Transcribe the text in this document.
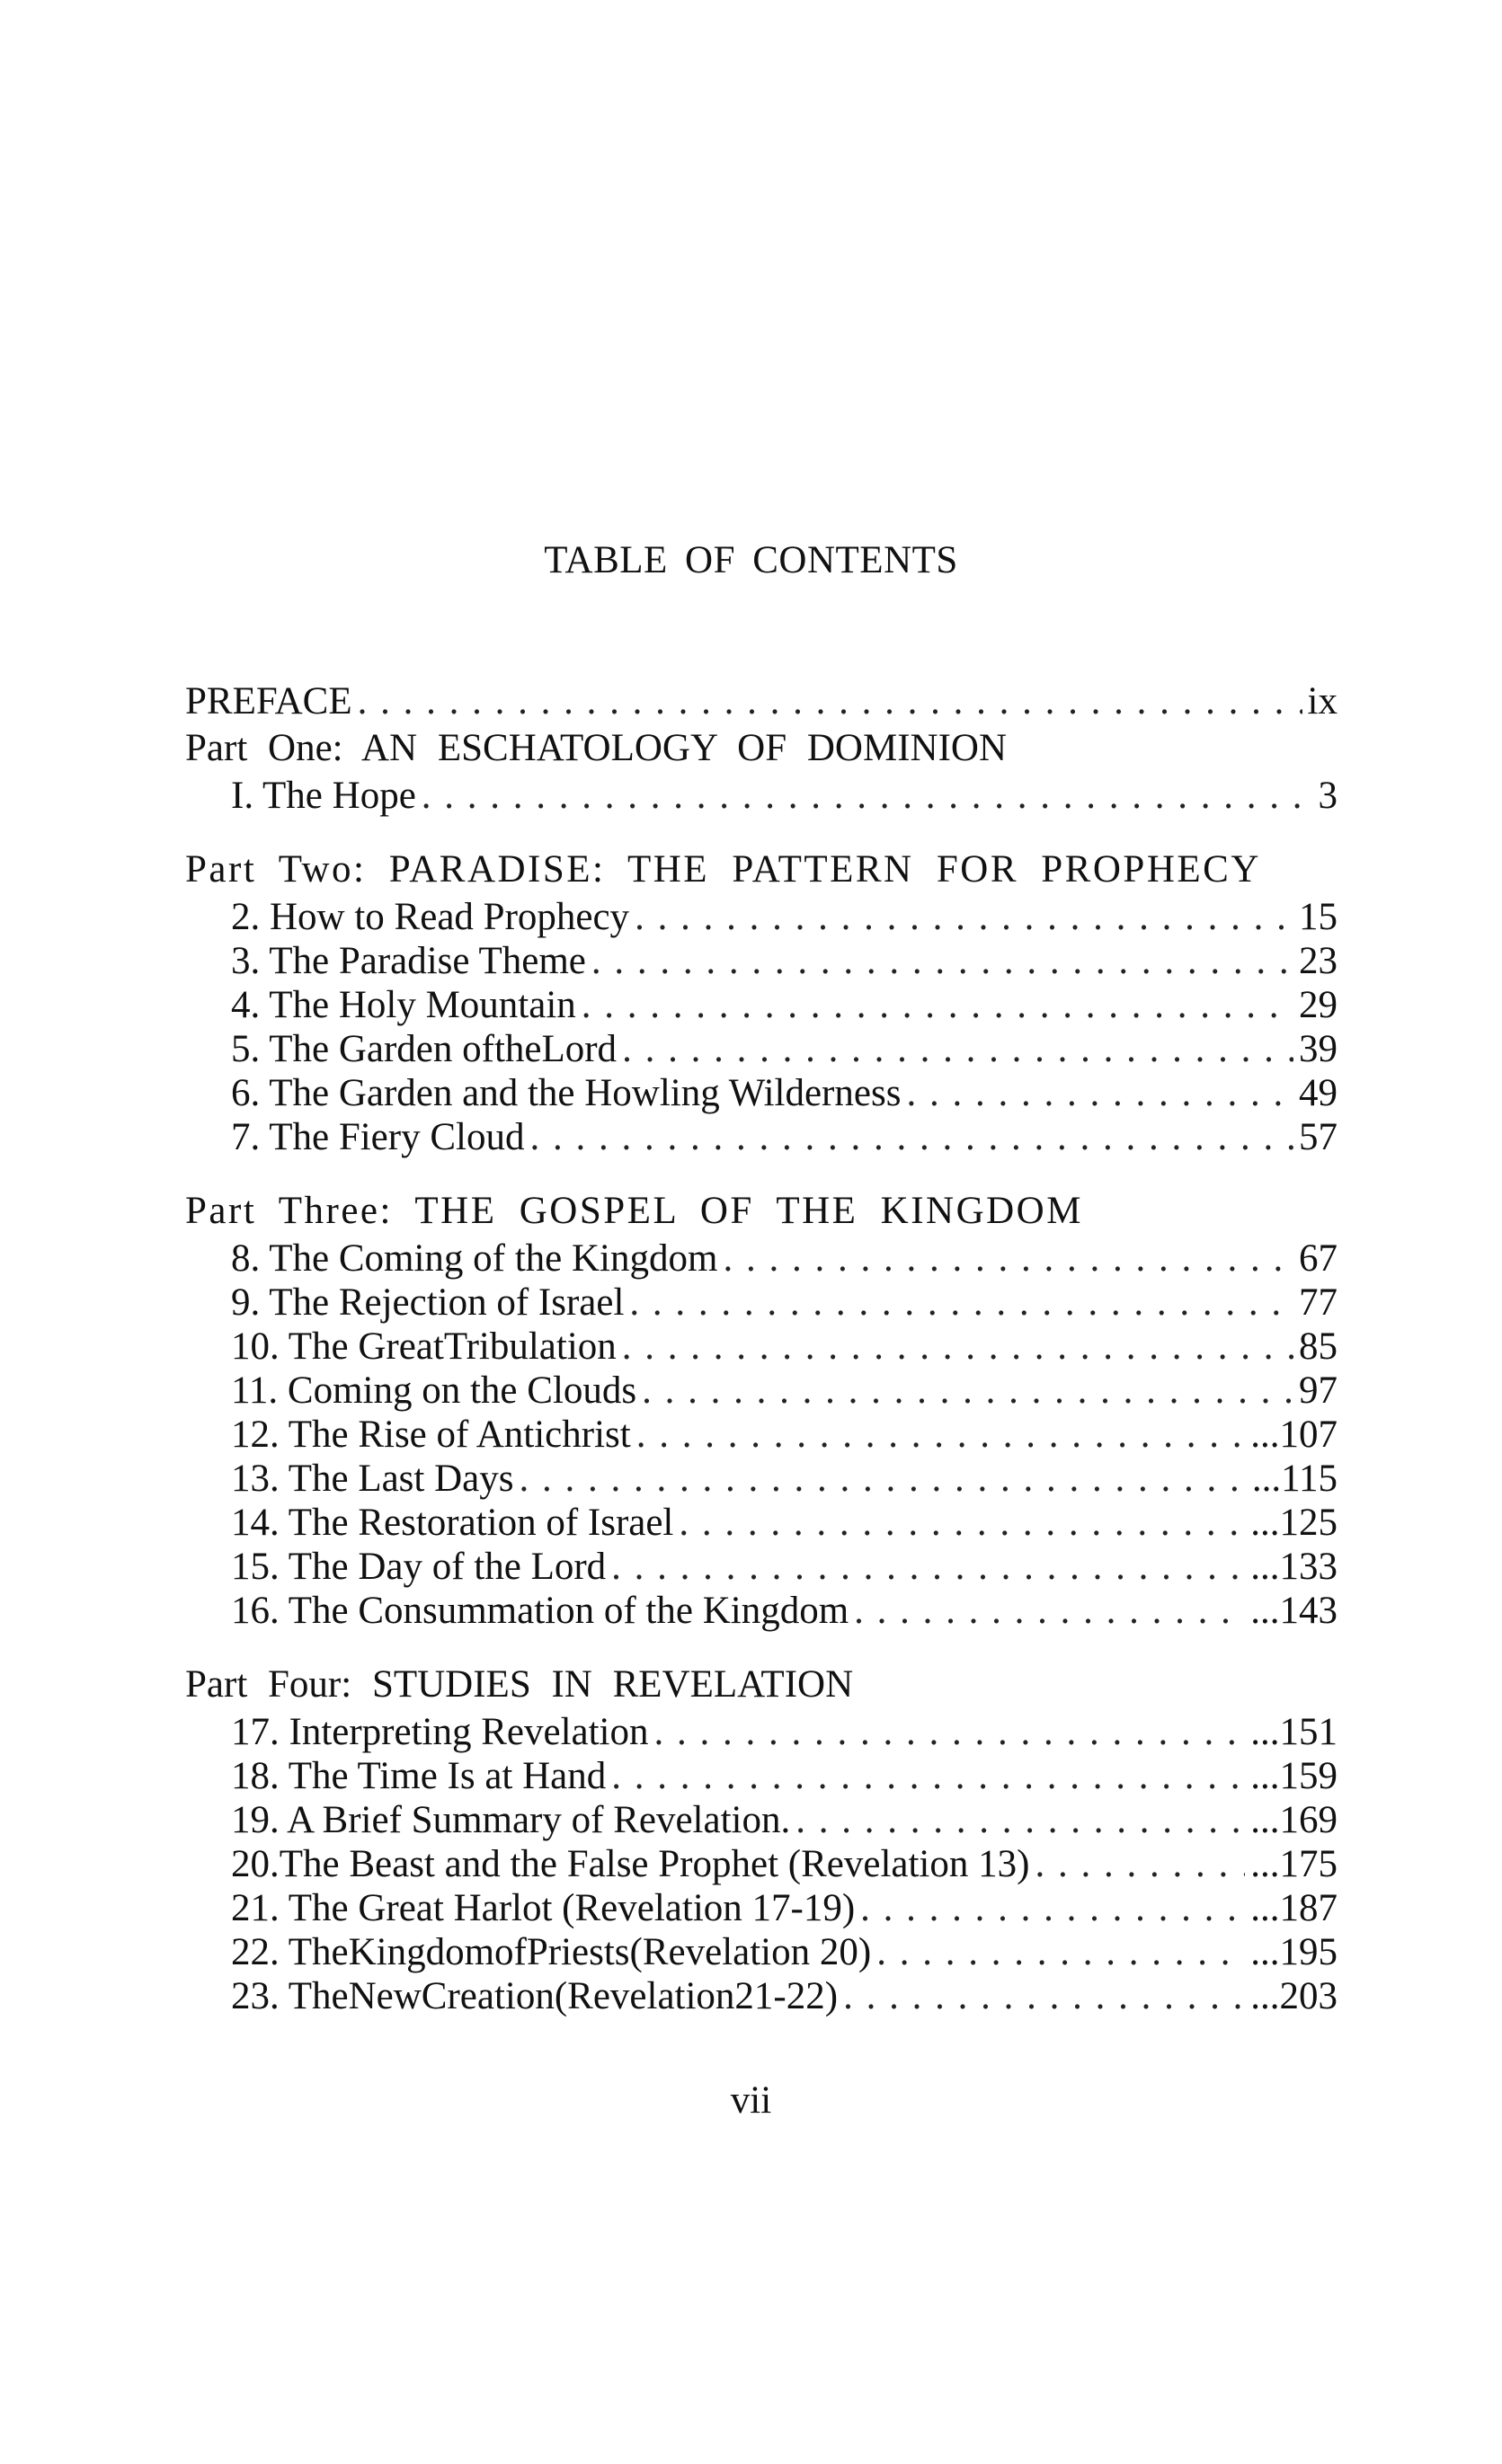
TABLE OF CONTENTS
PREFACE . . .	ix
Part One: AN ESCHATOLOGY OF DOMINION
I. The Hope . . .	3
Part Two: PARADISE: THE PATTERN FOR PROPHECY
2. How to Read Prophecy . . .	15
3. The Paradise Theme . . .	23
4. The Holy Mountain . . .	29
5. The Garden oftheLord . . .	39
6. The Garden and the Howling Wilderness . . .	49
7. The Fiery Cloud . . .	57
Part Three: THE GOSPEL OF THE KINGDOM
8. The Coming of the Kingdom . . .	67
9. The Rejection of Israel . . .	77
10. The GreatTribulation . . .	85
11. Coming on the Clouds . . .	97
12. The Rise of Antichrist . . .	...107
13. The Last Days . . .	...115
14. The Restoration of Israel . . .	...125
15. The Day of the Lord . . .	...133
16. The Consummation of the Kingdom . . .	...143
Part Four: STUDIES IN REVELATION
17. Interpreting Revelation . . .	...151
18. The Time Is at Hand . . .	...159
19. A Brief Summary of Revelation. . . .	...169
20.The Beast and the False Prophet (Revelation 13) . . .	...175
21. The Great Harlot (Revelation 17-19) . . .	...187
22. TheKingdomofPriests(Revelation 20) . . .	...195
23. TheNewCreation(Revelation21-22) . . .	...203
vii
